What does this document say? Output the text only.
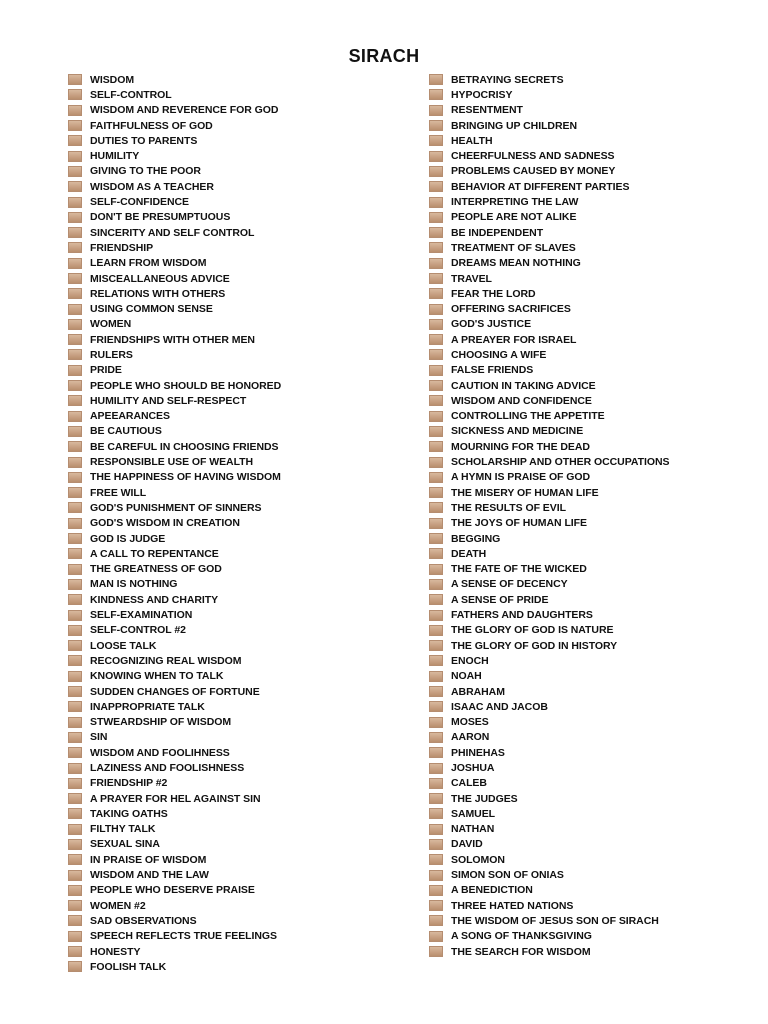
SIRACH
WISDOM
SELF-CONTROL
WISDOM AND REVERENCE FOR GOD
FAITHFULNESS OF GOD
DUTIES TO PARENTS
HUMILITY
GIVING TO THE POOR
WISDOM AS A TEACHER
SELF-CONFIDENCE
DON'T BE PRESUMPTUOUS
SINCERITY AND SELF CONTROL
FRIENDSHIP
LEARN FROM WISDOM
MISCEALLANEOUS ADVICE
RELATIONS WITH OTHERS
USING COMMON SENSE
WOMEN
FRIENDSHIPS WITH OTHER MEN
RULERS
PRIDE
PEOPLE WHO SHOULD BE HONORED
HUMILITY AND SELF-RESPECT
APEEARANCES
BE CAUTIOUS
BE CAREFUL IN CHOOSING FRIENDS
RESPONSIBLE USE OF WEALTH
THE HAPPINESS OF HAVING WISDOM
FREE WILL
GOD'S PUNISHMENT OF SINNERS
GOD'S WISDOM IN CREATION
GOD IS JUDGE
A CALL TO REPENTANCE
THE GREATNESS OF GOD
MAN IS NOTHING
KINDNESS AND CHARITY
SELF-EXAMINATION
SELF-CONTROL #2
LOOSE TALK
RECOGNIZING REAL WISDOM
KNOWING WHEN TO TALK
SUDDEN CHANGES OF FORTUNE
INAPPROPRIATE TALK
STWEARDSHIP OF WISDOM
SIN
WISDOM AND FOOLIHNESS
LAZINESS AND FOOLISHNESS
FRIENDSHIP #2
A PRAYER FOR HEL AGAINST SIN
TAKING OATHS
FILTHY TALK
SEXUAL SINA
IN PRAISE OF WISDOM
WISDOM AND THE LAW
PEOPLE WHO DESERVE PRAISE
WOMEN #2
SAD OBSERVATIONS
SPEECH REFLECTS TRUE FEELINGS
HONESTY
FOOLISH TALK
BETRAYING SECRETS
HYPOCRISY
RESENTMENT
BRINGING UP CHILDREN
HEALTH
CHEERFULNESS AND SADNESS
PROBLEMS CAUSED BY MONEY
BEHAVIOR AT DIFFERENT PARTIES
INTERPRETING THE LAW
PEOPLE ARE NOT ALIKE
BE INDEPENDENT
TREATMENT OF SLAVES
DREAMS MEAN NOTHING
TRAVEL
FEAR THE LORD
OFFERING SACRIFICES
GOD'S JUSTICE
A PREAYER FOR ISRAEL
CHOOSING A WIFE
FALSE FRIENDS
CAUTION IN TAKING ADVICE
WISDOM AND CONFIDENCE
CONTROLLING THE APPETITE
SICKNESS AND MEDICINE
MOURNING FOR THE DEAD
SCHOLARSHIP AND OTHER OCCUPATIONS
A HYMN IS PRAISE OF GOD
THE MISERY OF HUMAN LIFE
THE RESULTS OF EVIL
THE JOYS OF HUMAN LIFE
BEGGING
DEATH
THE FATE OF THE WICKED
A SENSE OF DECENCY
A SENSE OF PRIDE
FATHERS AND DAUGHTERS
THE GLORY OF GOD IS NATURE
THE GLORY OF GOD IN HISTORY
ENOCH
NOAH
ABRAHAM
ISAAC AND JACOB
MOSES
AARON
PHINEHAS
JOSHUA
CALEB
THE JUDGES
SAMUEL
NATHAN
DAVID
SOLOMON
SIMON SON OF ONIAS
A BENEDICTION
THREE HATED NATIONS
THE WISDOM OF JESUS SON OF SIRACH
A SONG OF THANKSGIVING
THE SEARCH FOR WISDOM
